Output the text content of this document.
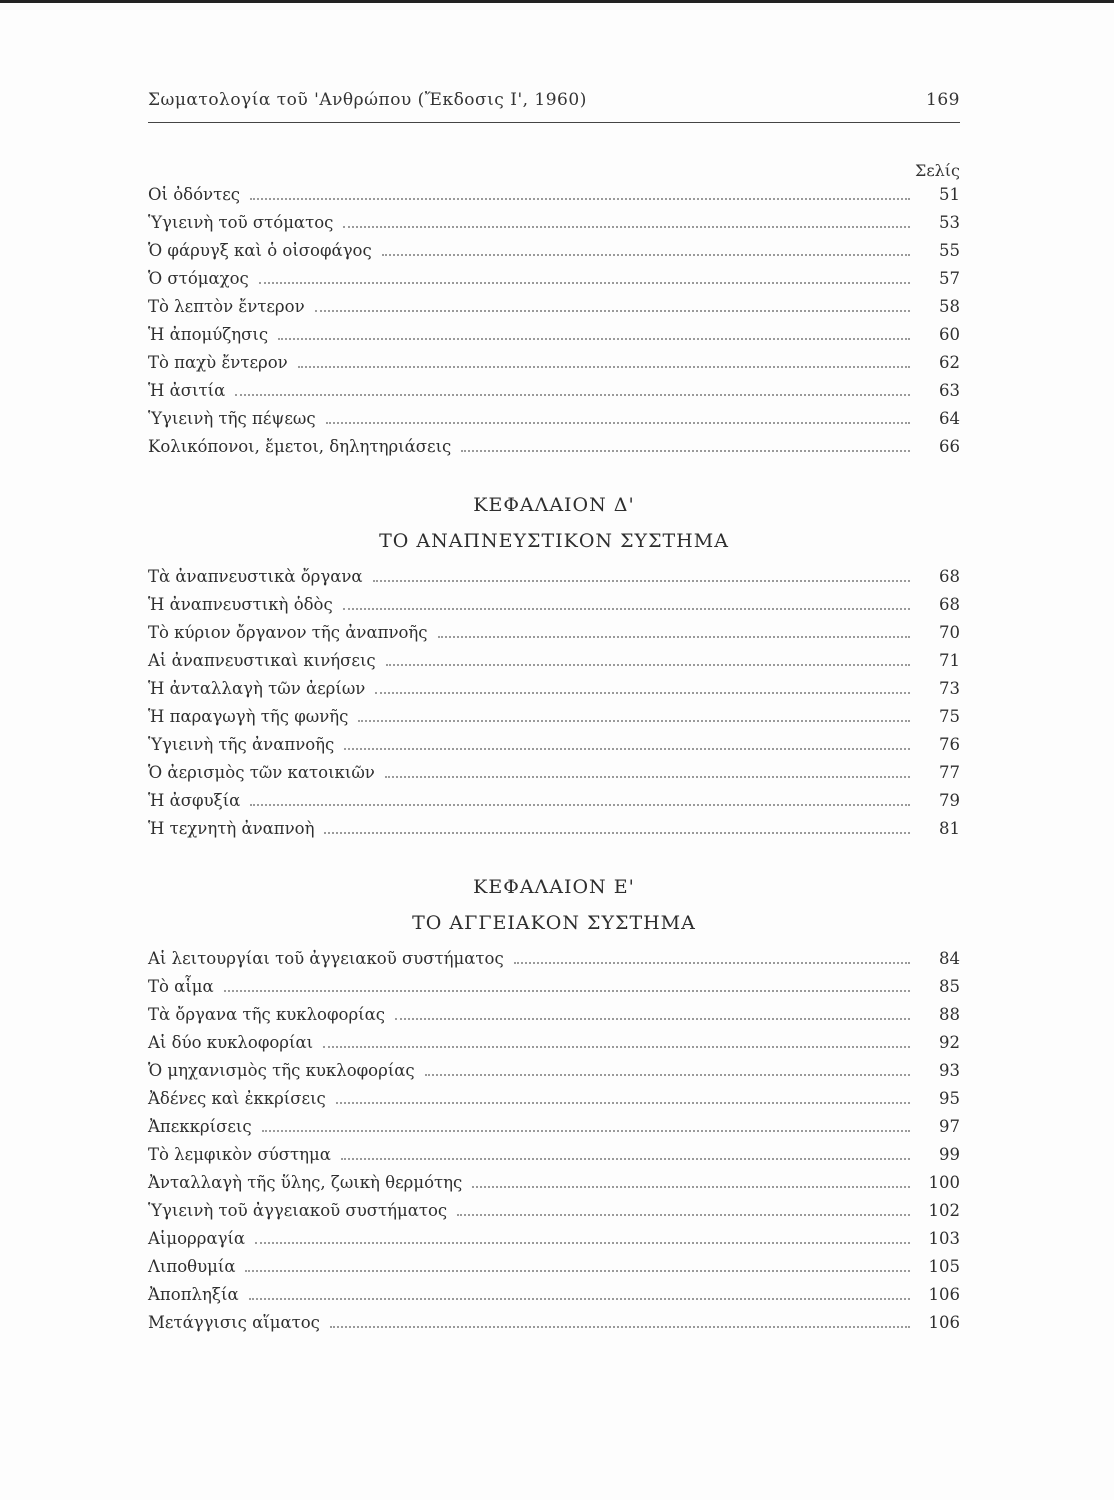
Σωματολογία τοῦ 'Ανθρώπου (Ἔκδοσις Ι', 1960)	169
Σελίς
Οἱ ὀδόντες	51
Ὑγιεινὴ τοῦ στόματος	53
Ὁ φάρυγξ καὶ ὁ οἰσοφάγος	55
Ὁ στόμαχος	57
Τὸ λεπτὸν ἔντερον	58
Ἡ ἀπομύζησις	60
Τὸ παχὺ ἔντερον	62
Ἡ ἀσιτία	63
Ὑγιεινὴ τῆς πέψεως	64
Κολικόπονοι, ἔμετοι, δηλητηριάσεις	66
ΚΕΦΑΛΑΙΟΝ Δ'
ΤΟ ΑΝΑΠΝΕΥΣΤΙΚΟΝ ΣΥΣΤΗΜΑ
Τὰ ἀναπνευστικὰ ὄργανα	68
Ἡ ἀναπνευστικὴ ὁδὸς	68
Τὸ κύριον ὄργανον τῆς ἀναπνοῆς	70
Αἱ ἀναπνευστικαὶ κινήσεις	71
Ἡ ἀνταλλαγὴ τῶν ἀερίων	73
Ἡ παραγωγὴ τῆς φωνῆς	75
Ὑγιεινὴ τῆς ἀναπνοῆς	76
Ὁ ἀερισμὸς τῶν κατοικιῶν	77
Ἡ ἀσφυξία	79
Ἡ τεχνητὴ ἀναπνοὴ	81
ΚΕΦΑΛΑΙΟΝ Ε'
ΤΟ ΑΓΓΕΙΑΚΟΝ ΣΥΣΤΗΜΑ
Αἱ λειτουργίαι τοῦ ἀγγειακοῦ συστήματος	84
Τὸ αἷμα	85
Τὰ ὄργανα τῆς κυκλοφορίας	88
Αἱ δύο κυκλοφορίαι	92
Ὁ μηχανισμὸς τῆς κυκλοφορίας	93
Ἀδένες καὶ ἐκκρίσεις	95
Ἀπεκκρίσεις	97
Τὸ λεμφικὸν σύστημα	99
Ἀνταλλαγὴ τῆς ὕλης, ζωικὴ θερμότης	100
Ὑγιεινὴ τοῦ ἀγγειακοῦ συστήματος	102
Αἱμορραγία	103
Λιποθυμία	105
Ἀποπληξία	106
Μετάγγισις αἵματος	106
